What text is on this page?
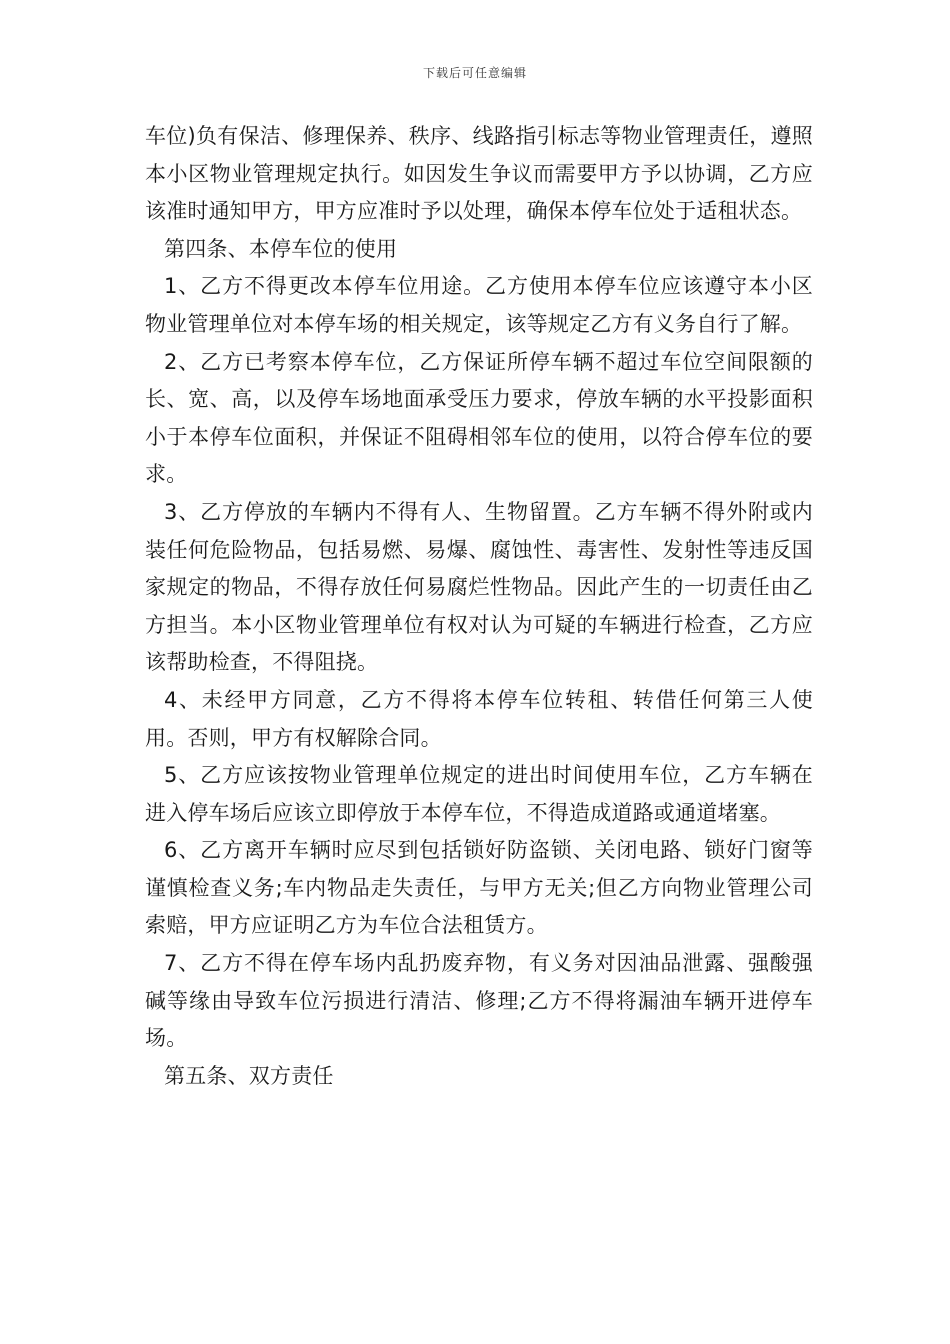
下载后可任意编辑

车位)负有保洁、修理保养、秩序、线路指引标志等物业管理责任，遵照本小区物业管理规定执行。如因发生争议而需要甲方予以协调，乙方应该准时通知甲方，甲方应准时予以处理，确保本停车位处于适租状态。

第四条、本停车位的使用

1、乙方不得更改本停车位用途。乙方使用本停车位应该遵守本小区物业管理单位对本停车场的相关规定，该等规定乙方有义务自行了解。

2、乙方已考察本停车位，乙方保证所停车辆不超过车位空间限额的长、宽、高，以及停车场地面承受压力要求，停放车辆的水平投影面积小于本停车位面积，并保证不阻碍相邻车位的使用，以符合停车位的要求。

3、乙方停放的车辆内不得有人、生物留置。乙方车辆不得外附或内装任何危险物品，包括易燃、易爆、腐蚀性、毒害性、发射性等违反国家规定的物品，不得存放任何易腐烂性物品。因此产生的一切责任由乙方担当。本小区物业管理单位有权对认为可疑的车辆进行检查，乙方应该帮助检查，不得阻挠。

4、未经甲方同意，乙方不得将本停车位转租、转借任何第三人使用。否则，甲方有权解除合同。

5、乙方应该按物业管理单位规定的进出时间使用车位，乙方车辆在进入停车场后应该立即停放于本停车位，不得造成道路或通道堵塞。

6、乙方离开车辆时应尽到包括锁好防盗锁、关闭电路、锁好门窗等谨慎检查义务;车内物品走失责任，与甲方无关;但乙方向物业管理公司索赔，甲方应证明乙方为车位合法租赁方。

7、乙方不得在停车场内乱扔废弃物，有义务对因油品泄露、强酸强碱等缘由导致车位污损进行清洁、修理;乙方不得将漏油车辆开进停车场。

第五条、双方责任
